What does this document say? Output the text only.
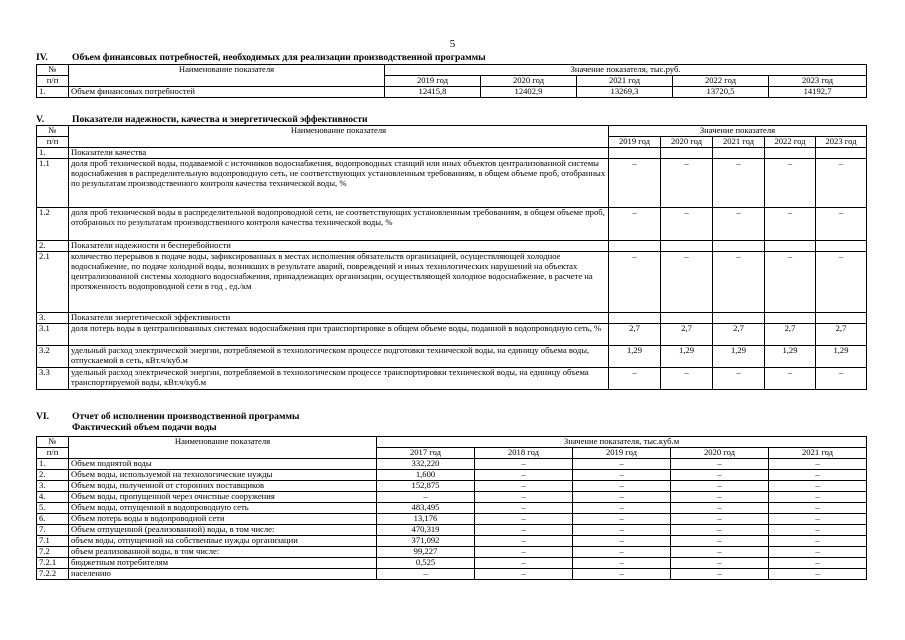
5
IV.	Объем финансовых потребностей, необходимых для реализации производственной программы
№	Наименование показателя	Значение показателя, тыс.руб.				
п/п		2019 год	2020 год	2021 год	2022 год	2023 год
1.	Объем финансовых потребностей	12415,8	12402,9	13269,3	13720,5	14192,7
V.	Показатели надежности, качества и энергетической эффективности
№	Наименование показателя	Значение показателя				
п/п		2019 год	2020 год	2021 год	2022 год	2023 год
1.	Показатели качества					
1.1	доля проб технической воды, подаваемой с источников водоснабжения, водопроводных станций или иных объектов централизованной системы водоснабжения в распределительную водопроводную сеть, не соответствующих установленным требованиям, в общем объеме проб, отобранных по результатам производственного контроля качества технической воды, %	–	–	–	–	–
1.2	доля проб технической воды в распределительной водопроводной сети, не соответствующих установленным требованиям, в общем объеме проб, отобранных по результатам производственного контроля качества технической воды, %	–	–	–	–	–
2.	Показатели надежности и бесперебойности					
2.1	количество перерывов в подаче воды, зафиксированных в местах исполнения обязательств организацией, осуществляющей холодное водоснабжение, по подаче холодной воды, возникших в результате аварий, повреждений и иных технологических нарушений на объектах централизованной системы холодного водоснабжения, принадлежащих организации, осуществляющей холодное водоснабжение, в расчете на протяженность водопроводной сети в год , ед./км	–	–	–	–	–
3.	Показатели энергетической эффективности					
3.1	доля потерь воды в централизованных системах водоснабжения при транспортировке в общем объеме воды, поданной в водопроводную сеть, %	2,7	2,7	2,7	2,7	2,7
3.2	удельный расход электрической энергии, потребляемой в технологическом процессе подготовки технической воды, на единицу объема воды, отпускаемой в сеть, кВт.ч/куб.м	1,29	1,29	1,29	1,29	1,29
3.3	удельный расход электрической энергии, потребляемой в технологическом процессе транспортировки технической воды, на единицу объема транспортируемой воды, кВт.ч/куб.м	–	–	–	–	–
VI. Отчет об исполнении производственной программы
Фактический объем подачи воды
№	Наименование показателя	Значение показателя, тыс.куб.м				
п/п		2017 год	2018 год	2019 год	2020 год	2021 год
1.	Объем поднятой воды	332,220	–	–	–	–
2.	Объем воды, используемой на технологические нужды	1,600	–	–	–	–
3.	Объем воды, полученной от сторонних поставщиков	152,875	–	–	–	–
4.	Объем воды, пропущенной через очистные сооружения	–	–	–	–	–
5.	Объем воды, отпущенной в водопроводную сеть	483,495	–	–	–	–
6.	Объем потерь воды в водопроводной сети	13,176	–	–	–	–
7.	Объем отпущенной (реализованной) воды, в том числе:	470,319	–	–	–	–
7.1	объем воды, отпущенной на собственные нужды организации	371,092	–	–	–	–
7.2	объем реализованной воды, в том числе:	99,227	–	–	–	–
7.2.1	бюджетным потребителям	0,525	–	–	–	–
7.2.2	населению	–	–	–	–	–
